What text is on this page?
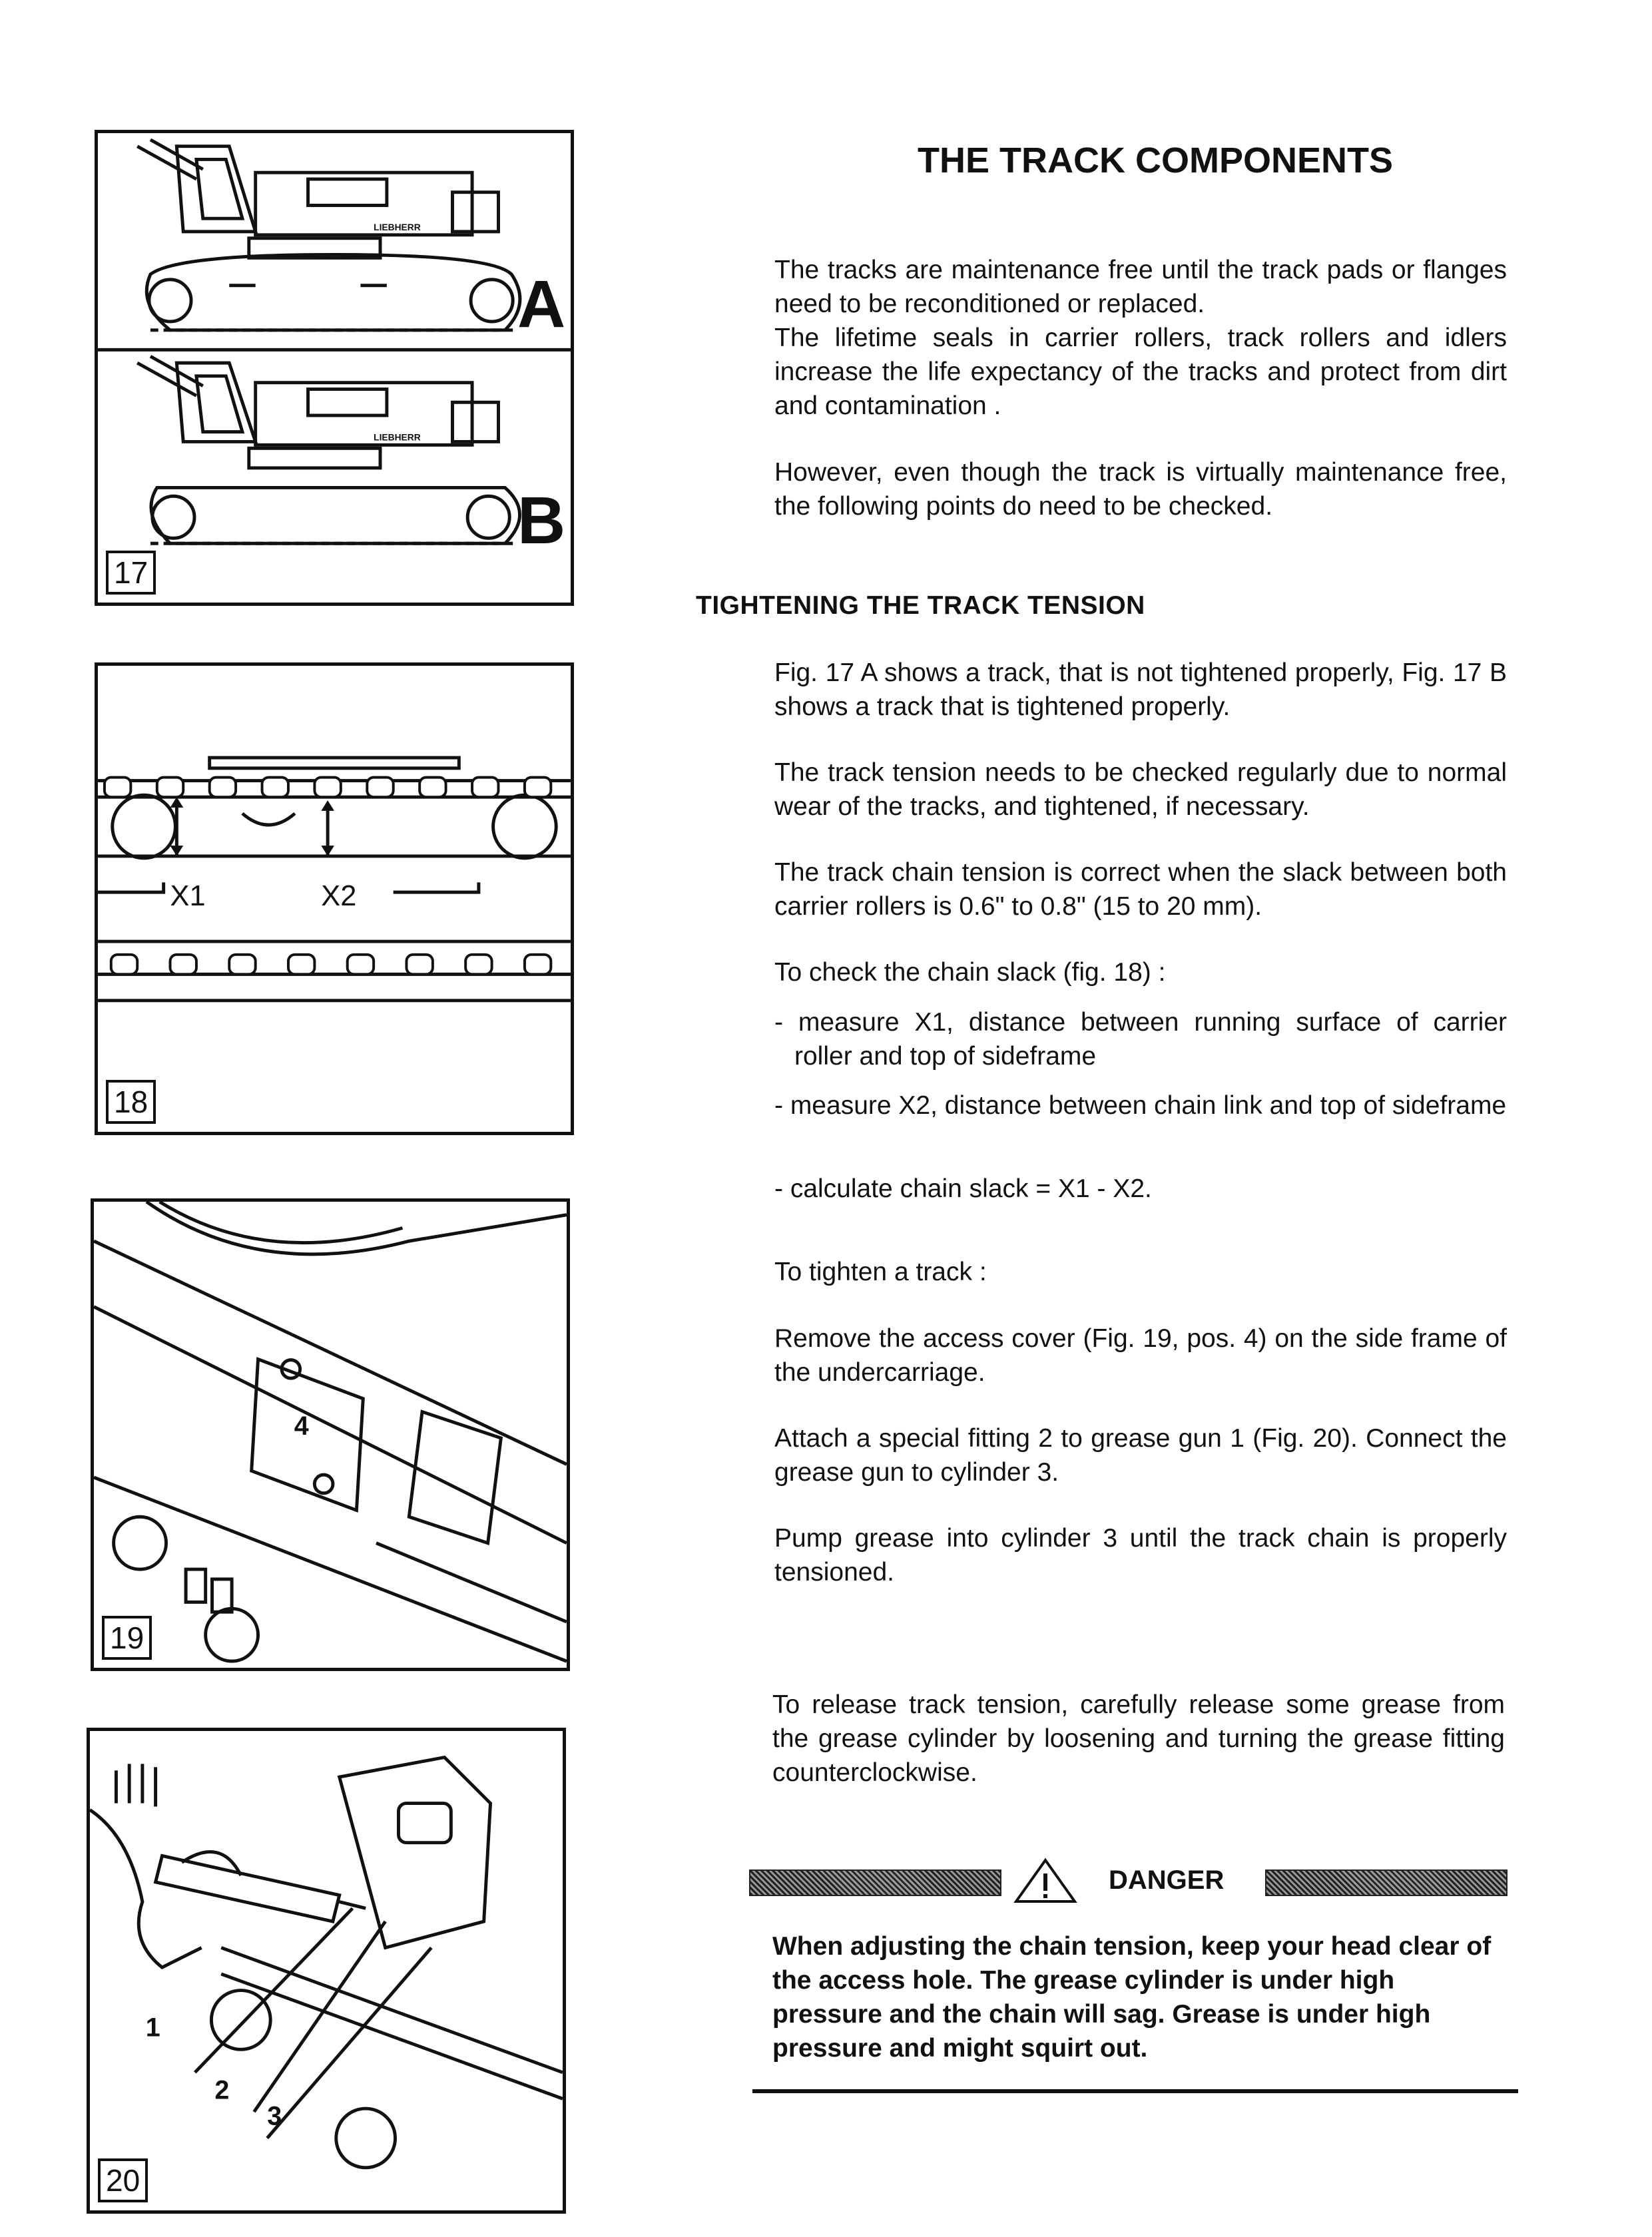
LIEBHERR
LIEBHERR
A
B
17
X1	X2
18
4
19
1
2
3
20
THE TRACK COMPONENTS
The tracks are maintenance free until the track pads or flanges need to be reconditioned or replaced.
The lifetime seals in carrier rollers, track rollers and idlers increase the life expectancy of the tracks and protect from dirt and contamination .
However, even though the track is virtually maintenance free, the following points do need to be checked.
TIGHTENING THE TRACK TENSION
Fig. 17 A shows a track, that is not tightened properly, Fig. 17 B shows a track that is tightened properly.
The track tension needs to be checked regularly due to normal wear of the tracks, and tightened, if necessary.
The track chain tension is correct when the slack between both carrier rollers is 0.6" to 0.8" (15 to 20 mm).
To check the chain slack (fig. 18) :
- measure X1, distance between running surface of carrier roller and top of sideframe
- measure X2, distance between chain link and top of sideframe
- calculate chain slack = X1 - X2.
To tighten a track :
Remove the access cover (Fig. 19, pos. 4) on the side frame of the undercarriage.
Attach a special fitting 2 to grease gun 1 (Fig. 20). Connect the grease gun to cylinder 3.
Pump grease into cylinder 3 until the track chain is properly tensioned.
To release track tension, carefully release some grease from the grease cylinder by loosening and turning the grease fitting counterclockwise.
DANGER
When adjusting the chain tension, keep your head clear of the access hole. The grease cylinder is under high pressure and the chain will sag. Grease is under high pressure and might squirt out.
